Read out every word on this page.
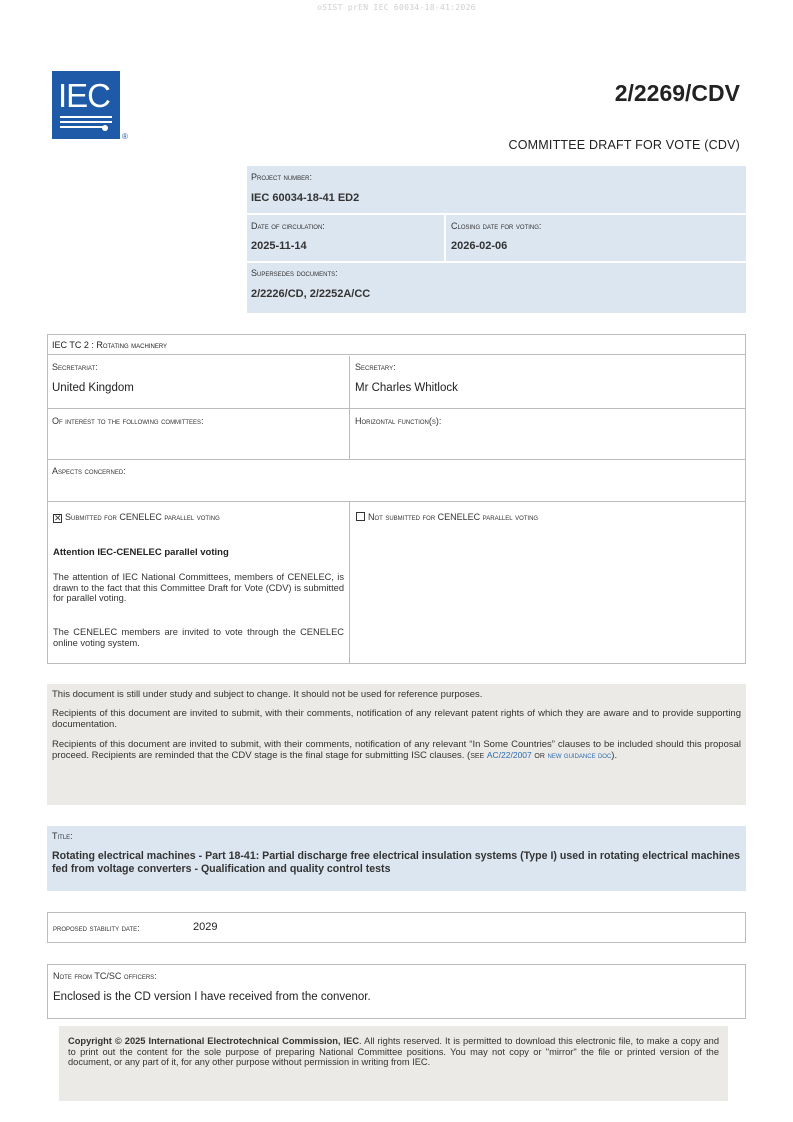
oSIST prEN IEC 60034-18-41:2026
IEC
®
2/2269/CDV
COMMITTEE DRAFT FOR VOTE (CDV)
Project number:
IEC 60034-18-41 ED2
Date of circulation:
2025-11-14
Closing date for voting:
2026-02-06
Supersedes documents:
2/2226/CD, 2/2252A/CC
IEC TC 2 : Rotating machinery
Secretariat:
United Kingdom
Secretary:
Mr Charles Whitlock
Of interest to the following committees:	Horizontal function(s):
Aspects concerned:
✕ Submitted for CENELEC parallel voting
Attention IEC-CENELEC parallel voting
The attention of IEC National Committees, members of CENELEC, is drawn to the fact that this Committee Draft for Vote (CDV) is submitted for parallel voting.
The CENELEC members are invited to vote through the CENELEC online voting system.
Not submitted for CENELEC parallel voting
This document is still under study and subject to change. It should not be used for reference purposes.
Recipients of this document are invited to submit, with their comments, notification of any relevant patent rights of which they are aware and to provide supporting documentation.
Recipients of this document are invited to submit, with their comments, notification of any relevant “In Some Countries” clauses to be included should this proposal proceed. Recipients are reminded that the CDV stage is the final stage for submitting ISC clauses. (see AC/22/2007 or new guidance doc).
Title:
Rotating electrical machines - Part 18-41: Partial discharge free electrical insulation systems (Type I) used in rotating electrical machines fed from voltage converters - Qualification and quality control tests
proposed stability date:	2029
Note from TC/SC officers:
Enclosed is the CD version I have received from the convenor.
Copyright © 2025 International Electrotechnical Commission, IEC. All rights reserved. It is permitted to download this electronic file, to make a copy and to print out the content for the sole purpose of preparing National Committee positions. You may not copy or "mirror" the file or printed version of the document, or any part of it, for any other purpose without permission in writing from IEC.
